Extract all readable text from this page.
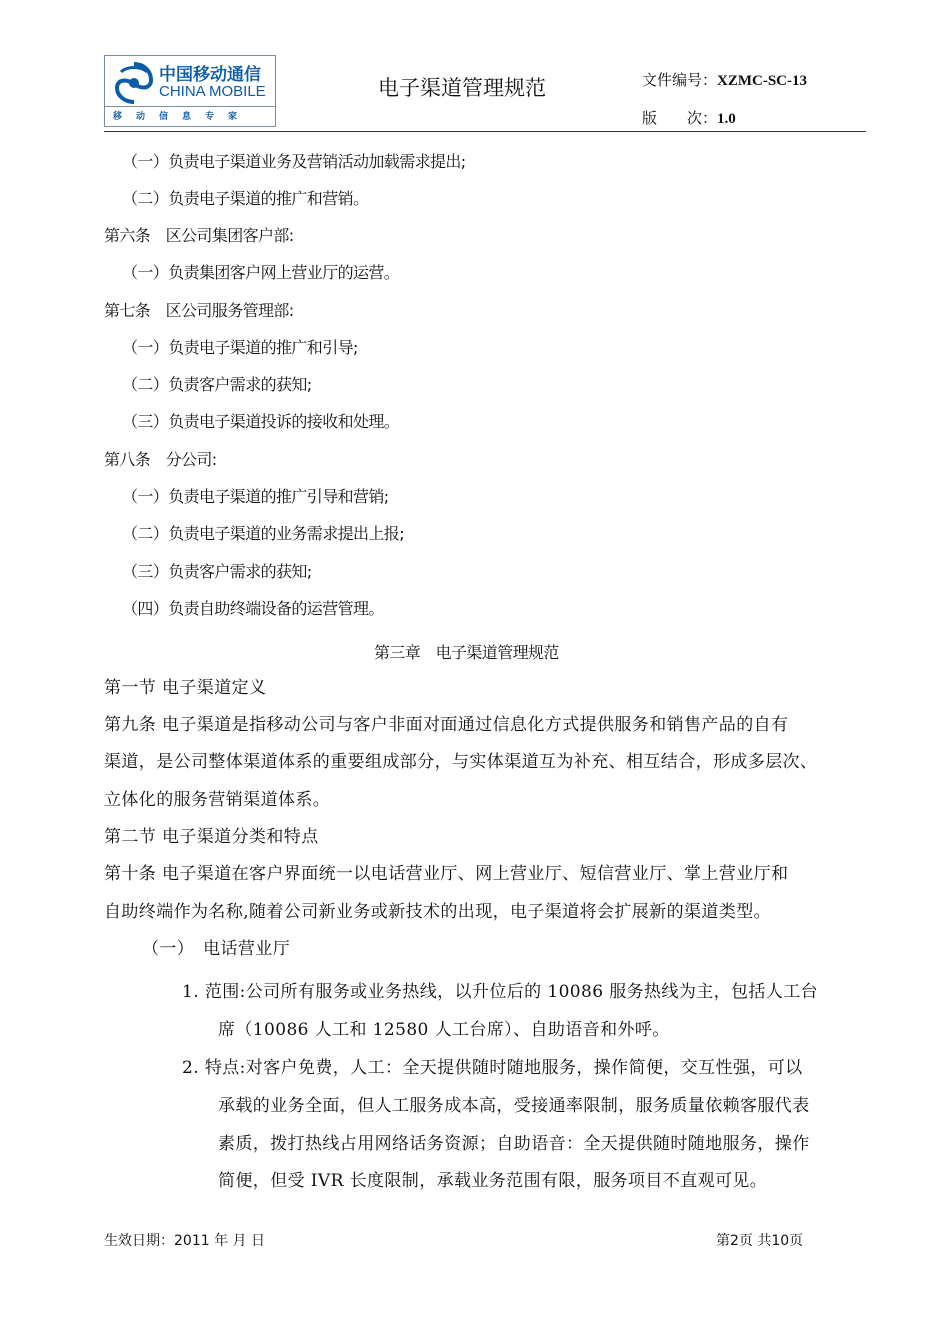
中国移动通信
CHINA MOBILE
移动信息专家
电子渠道管理规范	文件编号：XZMC-SC-13
版　　次：1.0
（一）负责电子渠道业务及营销活动加载需求提出;
（二）负责电子渠道的推广和营销。
第六条　区公司集团客户部:
（一）负责集团客户网上营业厅的运营。
第七条　区公司服务管理部:
（一）负责电子渠道的推广和引导;
（二）负责客户需求的获知;
（三）负责电子渠道投诉的接收和处理。
第八条　分公司:
（一）负责电子渠道的推广引导和营销;
（二）负责电子渠道的业务需求提出上报;
（三）负责客户需求的获知;
（四）负责自助终端设备的运营管理。
第三章　电子渠道管理规范
第一节 电子渠道定义
第九条 电子渠道是指移动公司与客户非面对面通过信息化方式提供服务和销售产品的自有
渠道，是公司整体渠道体系的重要组成部分，与实体渠道互为补充、相互结合，形成多层次、
立体化的服务营销渠道体系。
第二节 电子渠道分类和特点
第十条 电子渠道在客户界面统一以电话营业厅、网上营业厅、短信营业厅、掌上营业厅和
自助终端作为名称,随着公司新业务或新技术的出现，电子渠道将会扩展新的渠道类型。
（一）　电话营业厅
1. 范围:公司所有服务或业务热线，以升位后的 10086 服务热线为主，包括人工台
席（10086 人工和 12580 人工台席）、自助语音和外呼。
2. 特点:对客户免费，人工：全天提供随时随地服务，操作简便，交互性强，可以
承载的业务全面，但人工服务成本高，受接通率限制，服务质量依赖客服代表
素质，拨打热线占用网络话务资源；自助语音：全天提供随时随地服务，操作
简便，但受 IVR 长度限制，承载业务范围有限，服务项目不直观可见。
生效日期：2011 年 月 日	第2页 共10页
